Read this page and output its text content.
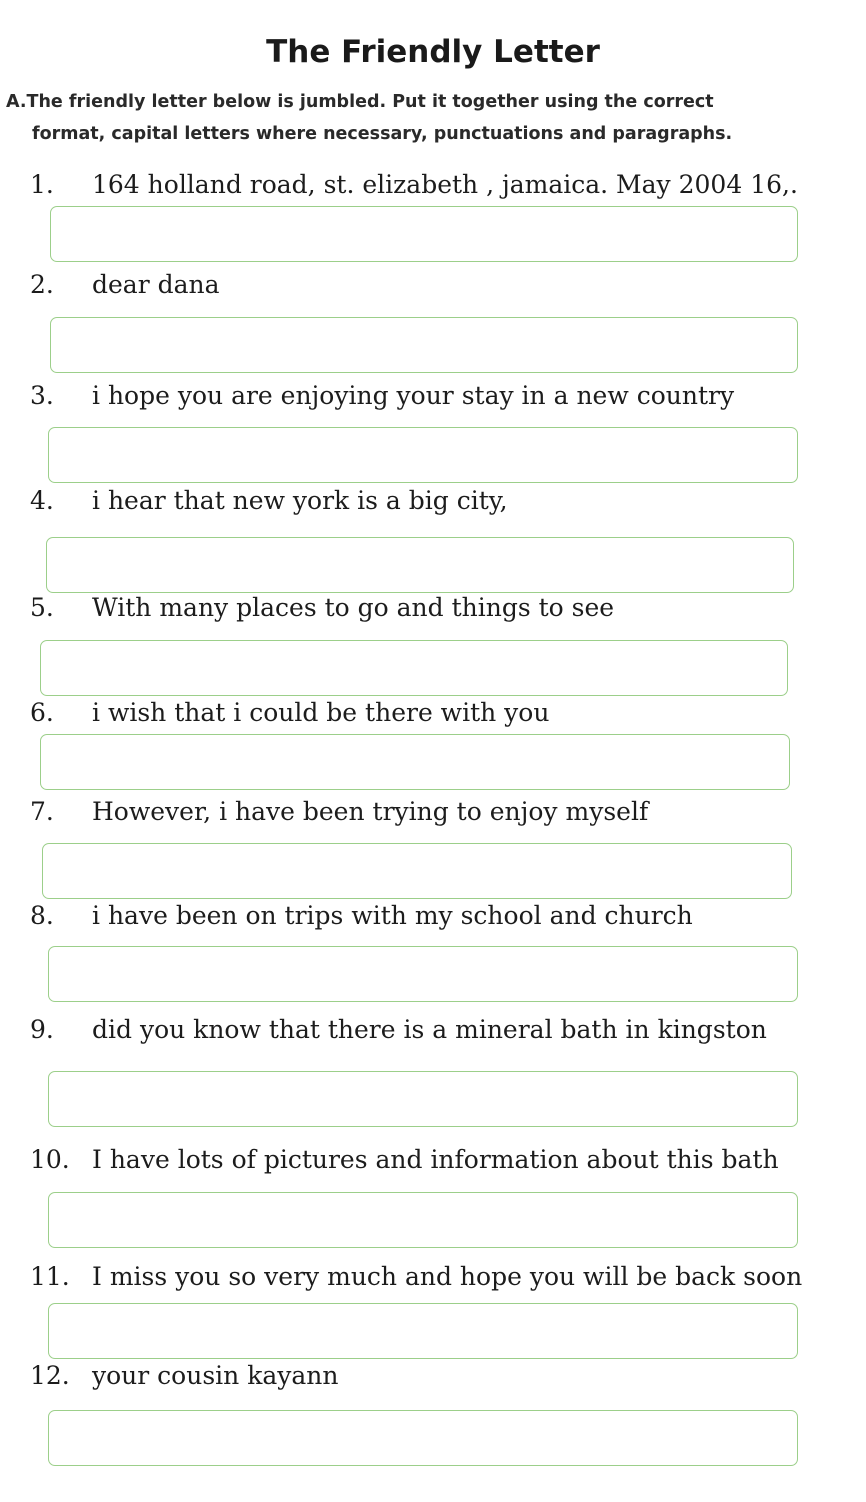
The Friendly Letter
A.The friendly letter below is jumbled. Put it together using the correct
format, capital letters where necessary, punctuations and paragraphs.
1. 164 holland road, st. elizabeth , jamaica. May 2004 16,.
2. dear dana
3. i hope you are enjoying your stay in a new country
4. i hear that new york is a big city,
5. With many places to go and things to see
6. i wish that i could be there with you
7. However, i have been trying to enjoy myself
8. i have been on trips with my school and church
9. did you know that there is a mineral bath in kingston
10. I have lots of pictures and information about this bath
11. I miss you so very much and hope you will be back soon
12. your cousin kayann
